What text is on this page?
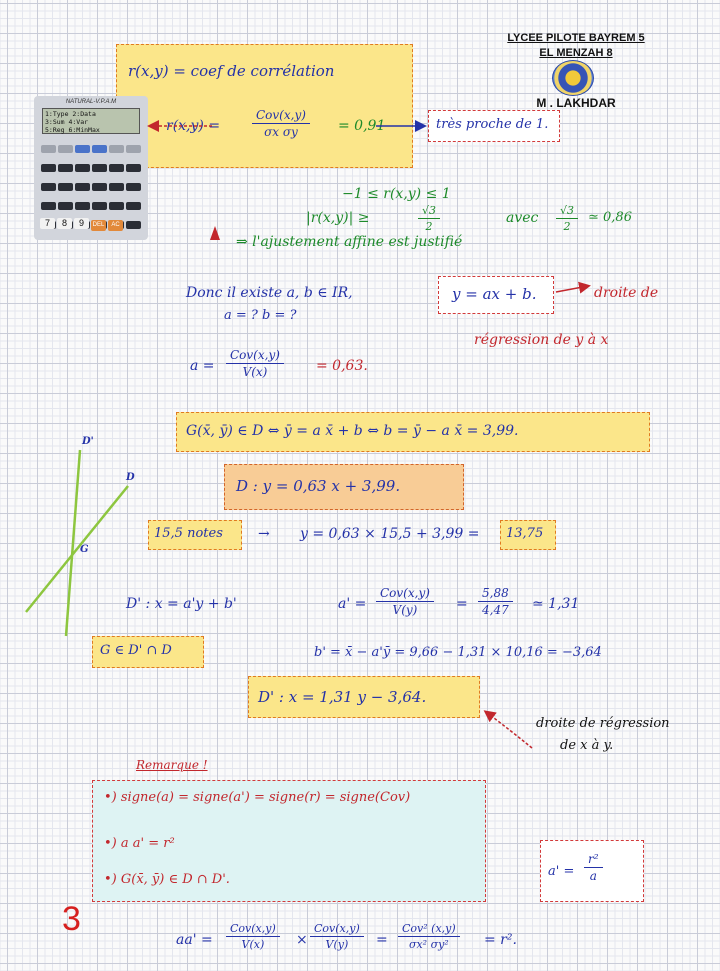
LYCEE PILOTE BAYREM 5
EL MENZAH 8
M . LAKHDAR
r(x,y) = coef de corrélation
r(x,y) =
Cov(x,y)
σx σy	= 0,91
NATURAL-V.P.A.M
1:Type 2:Data
3:Sum 4:Var
5:Reg 6:MinMax

7 8 9 DEL AC
très proche de 1.
−1 ≤ r(x,y) ≤ 1
|r(x,y)| ≥	$\frac{√3}{2}$	avec $\frac{√3}{2}$ ≃ 0,86
⇒ l'ajustement affine est justifié
Donc il existe a, b ∈ IR,
a = ? b = ?
y = ax + b.	droite de
régression de y à x
a =
Cov(x,y)
V(x)	= 0,63.
G(x̄, ȳ) ∈ D ⇔ ȳ = a x̄ + b ⇔ b = ȳ − a x̄ = 3,99.
D : y = 0,63 x + 3,99.
15,5 notes	→ y = 0,63 × 15,5 + 3,99 = 13,75
D'
D
G
D' : x = a'y + b'	a' =
Cov(x,y)
V(y)	= $\frac{5,88}{4,47}$ ≃ 1,31
G ∈ D' ∩ D	b' = x̄ − a'ȳ = 9,66 − 1,31 × 10,16 = −3,64
D' : x = 1,31 y − 3,64.
droite de régression
de x à y.
Remarque !
•) signe(a) = signe(a') = signe(r) = signe(Cov)
•) a a' = r²
•) G(x̄, ȳ) ∈ D ∩ D'.
$a' = \frac{\text{r²}}{a}$
3
aa' =
Cov(x,y)
V(x) ×
Cov(x,y)
V(y) =
Cov² (x,y)
σx² σy²	= r².
